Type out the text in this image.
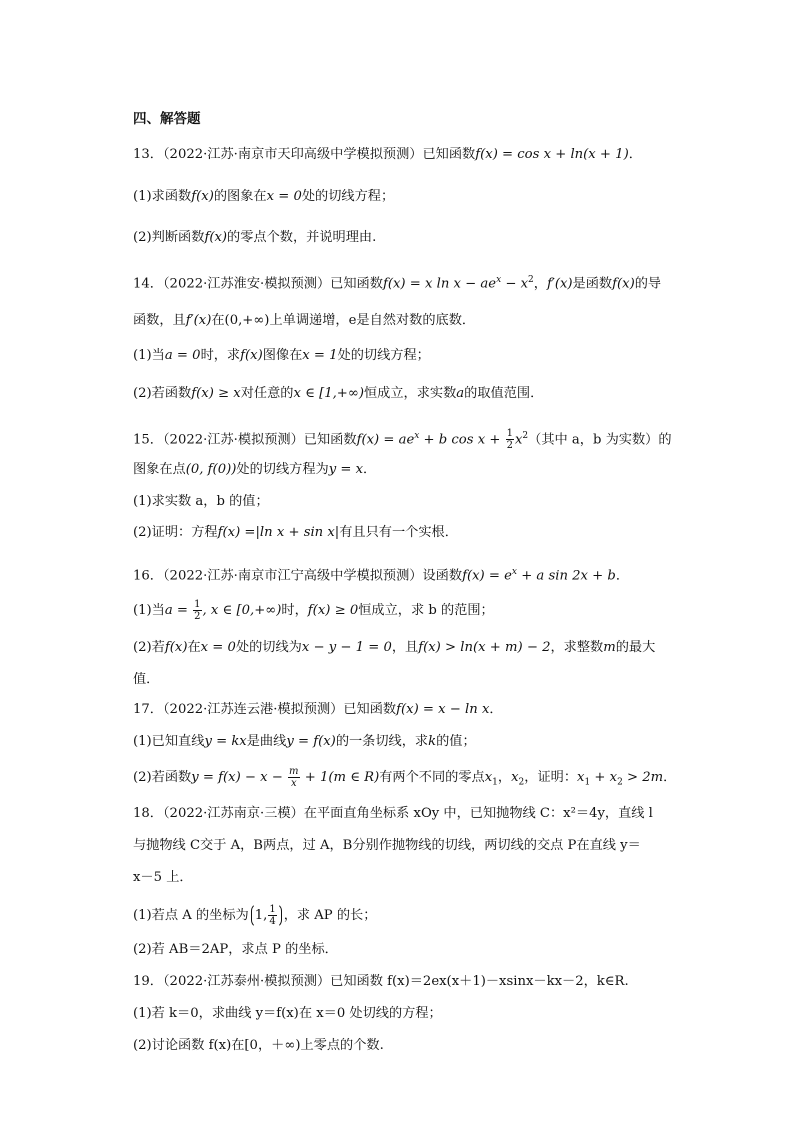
四、解答题
13．（2022·江苏·南京市天印高级中学模拟预测）已知函数f(x) = cos x + ln(x + 1)．
(1)求函数f(x)的图象在x = 0处的切线方程；
(2)判断函数f(x)的零点个数，并说明理由.
14．（2022·江苏淮安·模拟预测）已知函数f(x) = x $\ln x - ae^x - x^2$，f′(x)是函数f(x)的导
函数，且f′(x)在(0,+∞)上单调递增，e是自然对数的底数．
(1)当a = 0时，求f(x)图像在x = 1处的切线方程；
(2)若函数f(x) ≥ x对任意的x ∈ [1,+∞)恒成立，求实数a的取值范围．
15．（2022·江苏·模拟预测）已知函数$f(x) = ae^x + b$ $\cos x + \frac{1}{2} x^2$（其中 a，b 为实数）的
图象在点(0, f(0))处的切线方程为y = x．
(1)求实数 a，b 的值；
(2)证明：方程f(x) =|ln x + sin x|有且只有一个实根．
16．（2022·江苏·南京市江宁高级中学模拟预测）设函数$f(x) = e^x + a$ sin 2x + b．
(1)当$a = \frac{1}{2}$ , x ∈ [0,+∞)时，f(x) ≥ 0恒成立，求 b 的范围；
(2)若f(x)在x = 0处的切线为x − y − 1 = 0，且f(x) > ln(x + m) − 2，求整数m的最大
值．
17．（2022·江苏连云港·模拟预测）已知函数f(x) = x − ln x．
(1)已知直线y = kx是曲线y = f(x)的一条切线，求k的值；
(2)若函数$y = f(x) - x - \frac{m}{x} + 1(m$ ∈ R)有两个不同的零点$x_1$，$x_2$，证明：$x_1 + x_2 > 2m$．
18．（2022·江苏南京·三模）在平面直角坐标系 xOy 中，已知抛物线 C：x²＝4y，直线 l
与抛物线 C交于 A，B两点，过 A，B分别作抛物线的切线，两切线的交点 P在直线 y＝
x－5 上．
(1)若点 A 的坐标为 1, $\frac{1}{4}$ ，求 AP 的长；
(2)若 AB＝2AP，求点 P 的坐标．
19．（2022·江苏泰州·模拟预测）已知函数 f(x)＝2ex(x＋1)－xsinx－kx－2，k∈R.
(1)若 k＝0，求曲线 y＝f(x)在 x＝0 处切线的方程；
(2)讨论函数 f(x)在[0，＋∞)上零点的个数.
